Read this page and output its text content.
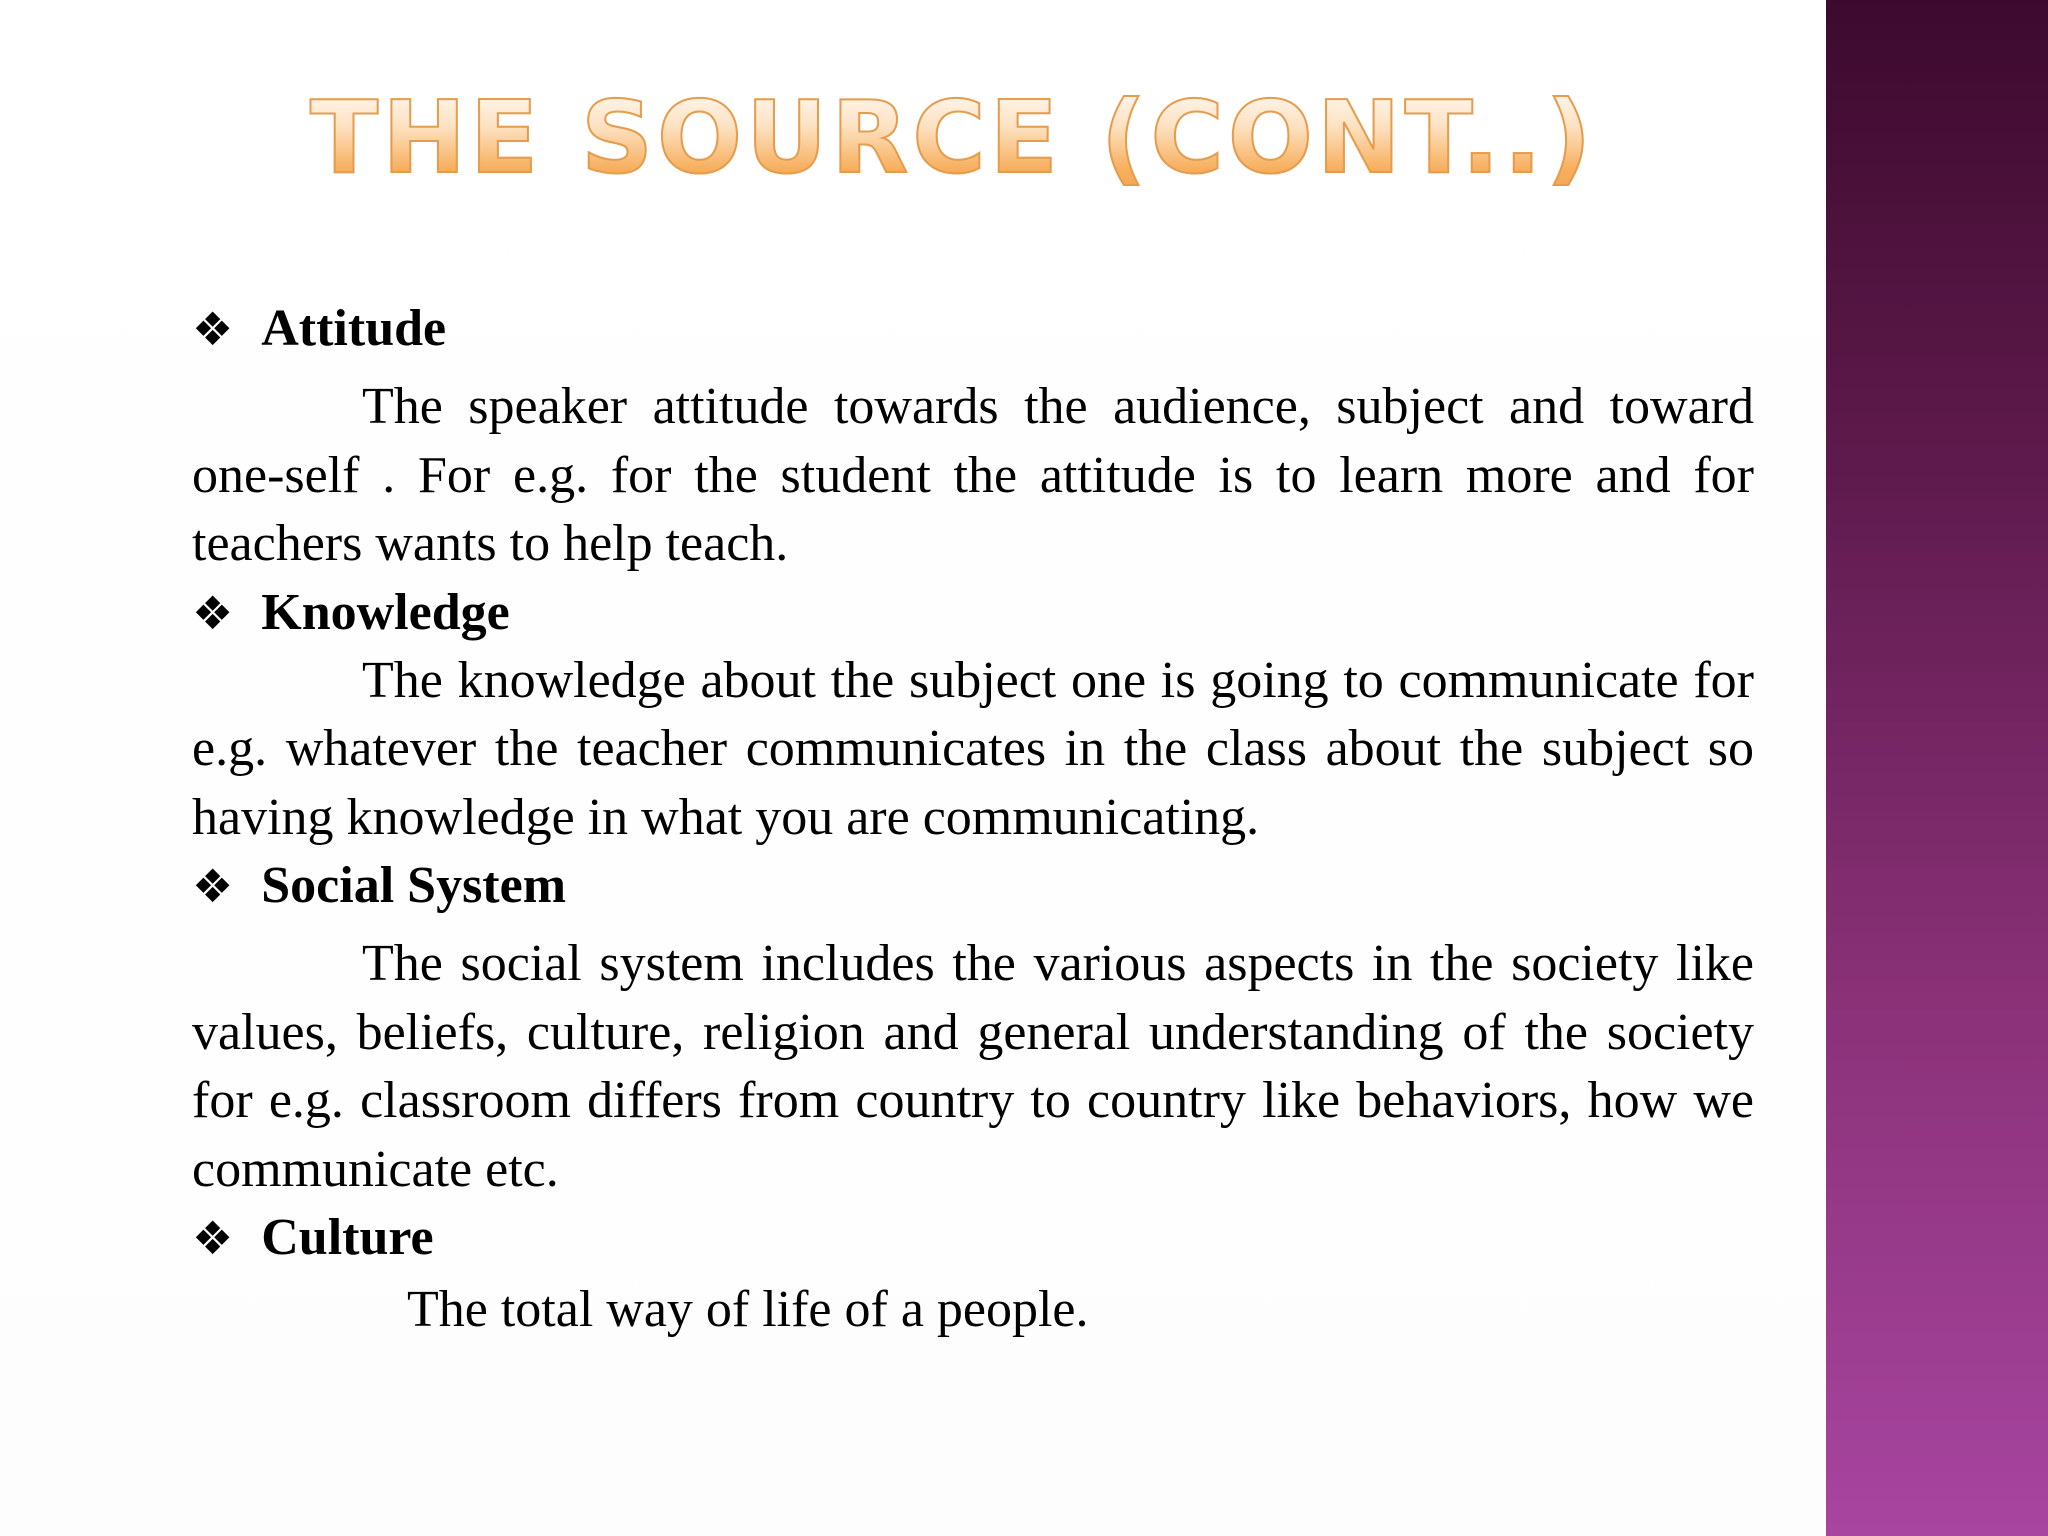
THE SOURCE (CONT..)
❖ Attitude

The speaker attitude towards the audience, subject and toward one-self . For e.g. for the student the attitude is to learn more and for teachers wants to help teach.

❖ Knowledge

The knowledge about the subject one is going to communicate for e.g. whatever the teacher communicates in the class about the subject so having knowledge in what you are communicating.

❖ Social System

The social system includes the various aspects in the society like values, beliefs, culture, religion and general understanding of the society for e.g. classroom differs from country to country like behaviors, how we communicate etc.

❖ Culture

The total way of life of a people.
